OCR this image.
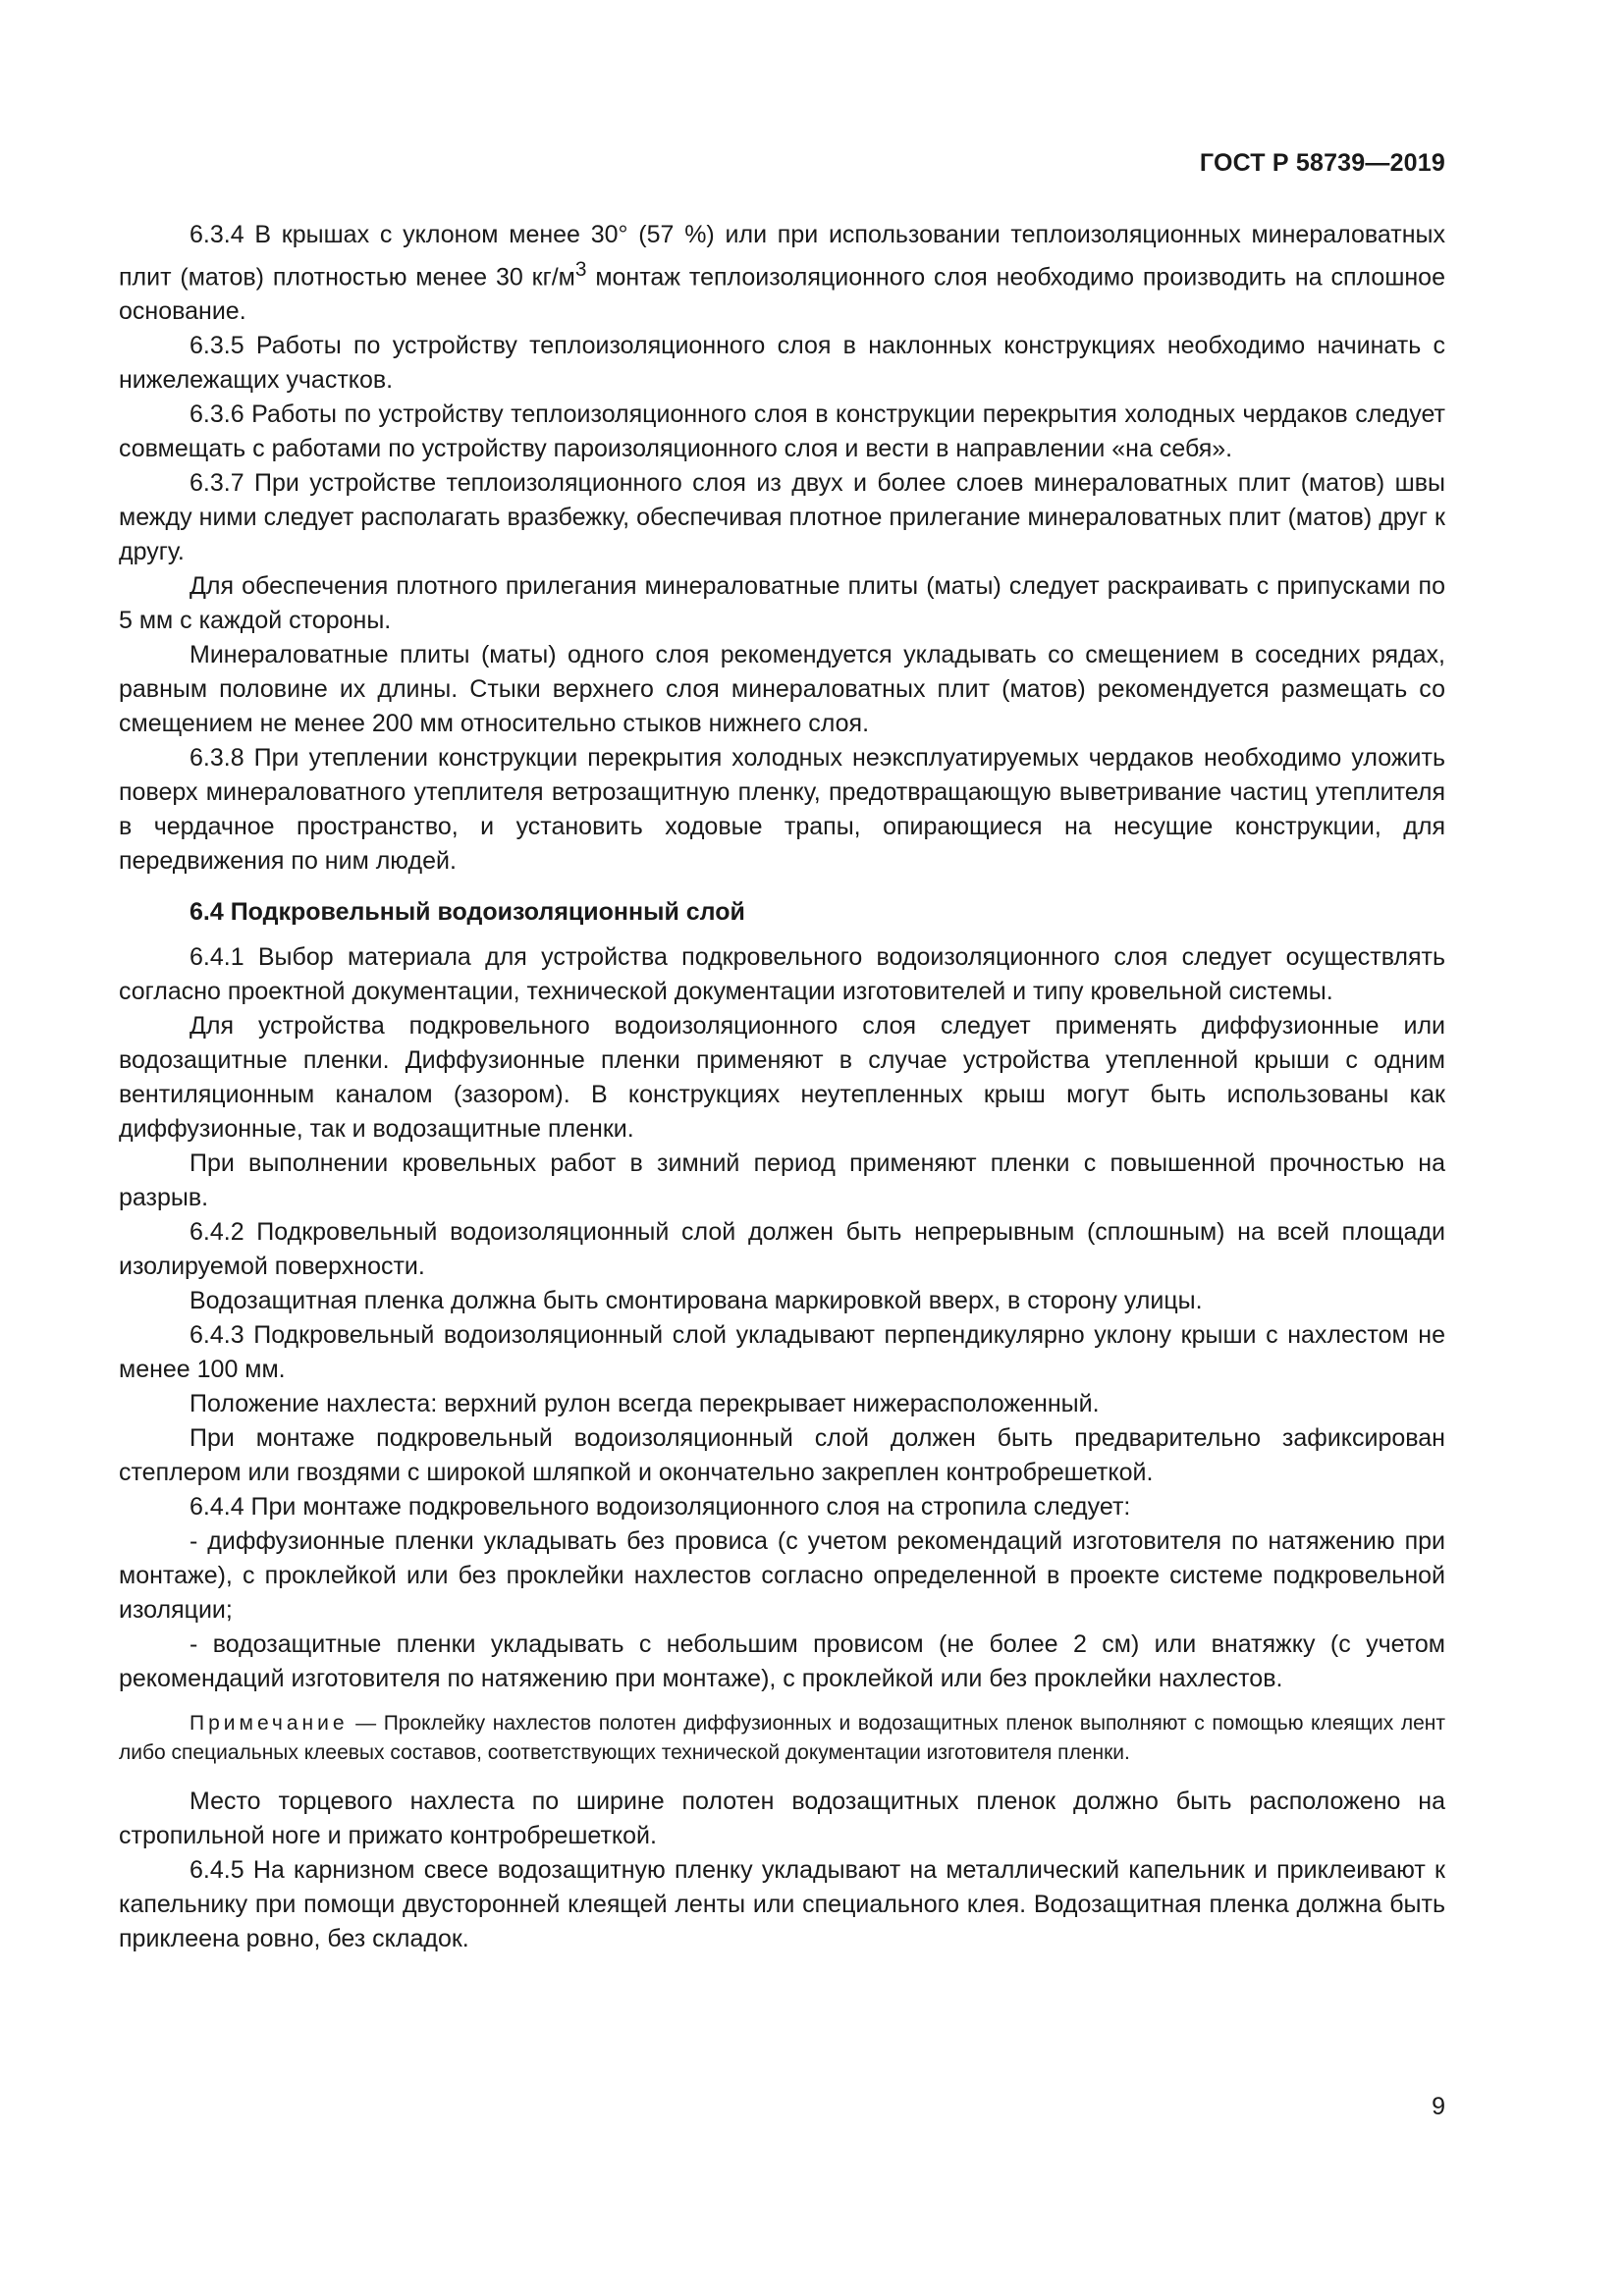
ГОСТ Р 58739—2019

6.3.4 В крышах с уклоном менее 30° (57 %) или при использовании теплоизоляционных минераловатных плит (матов) плотностью менее 30 $кг/м^3$ монтаж теплоизоляционного слоя необходимо производить на сплошное основание.

6.3.5 Работы по устройству теплоизоляционного слоя в наклонных конструкциях необходимо начинать с нижележащих участков.

6.3.6 Работы по устройству теплоизоляционного слоя в конструкции перекрытия холодных чердаков следует совмещать с работами по устройству пароизоляционного слоя и вести в направлении «на себя».

6.3.7 При устройстве теплоизоляционного слоя из двух и более слоев минераловатных плит (матов) швы между ними следует располагать вразбежку, обеспечивая плотное прилегание минераловатных плит (матов) друг к другу.

Для обеспечения плотного прилегания минераловатные плиты (маты) следует раскраивать с припусками по 5 мм с каждой стороны.

Минераловатные плиты (маты) одного слоя рекомендуется укладывать со смещением в соседних рядах, равным половине их длины. Стыки верхнего слоя минераловатных плит (матов) рекомендуется размещать со смещением не менее 200 мм относительно стыков нижнего слоя.

6.3.8 При утеплении конструкции перекрытия холодных неэксплуатируемых чердаков необходимо уложить поверх минераловатного утеплителя ветрозащитную пленку, предотвращающую выветривание частиц утеплителя в чердачное пространство, и установить ходовые трапы, опирающиеся на несущие конструкции, для передвижения по ним людей.

6.4 Подкровельный водоизоляционный слой

6.4.1 Выбор материала для устройства подкровельного водоизоляционного слоя следует осуществлять согласно проектной документации, технической документации изготовителей и типу кровельной системы.

Для устройства подкровельного водоизоляционного слоя следует применять диффузионные или водозащитные пленки. Диффузионные пленки применяют в случае устройства утепленной крыши с одним вентиляционным каналом (зазором). В конструкциях неутепленных крыш могут быть использованы как диффузионные, так и водозащитные пленки.

При выполнении кровельных работ в зимний период применяют пленки с повышенной прочностью на разрыв.

6.4.2 Подкровельный водоизоляционный слой должен быть непрерывным (сплошным) на всей площади изолируемой поверхности.

Водозащитная пленка должна быть смонтирована маркировкой вверх, в сторону улицы.

6.4.3 Подкровельный водоизоляционный слой укладывают перпендикулярно уклону крыши с нахлестом не менее 100 мм.

Положение нахлеста: верхний рулон всегда перекрывает нижерасположенный.

При монтаже подкровельный водоизоляционный слой должен быть предварительно зафиксирован степлером или гвоздями с широкой шляпкой и окончательно закреплен контробрешеткой.

6.4.4 При монтаже подкровельного водоизоляционного слоя на стропила следует:

- диффузионные пленки укладывать без провиса (с учетом рекомендаций изготовителя по натяжению при монтаже), с проклейкой или без проклейки нахлестов согласно определенной в проекте системе подкровельной изоляции;

- водозащитные пленки укладывать с небольшим провисом (не более 2 см) или внатяжку (с учетом рекомендаций изготовителя по натяжению при монтаже), с проклейкой или без проклейки нахлестов.

Примечание — Проклейку нахлестов полотен диффузионных и водозащитных пленок выполняют с помощью клеящих лент либо специальных клеевых составов, соответствующих технической документации изготовителя пленки.

Место торцевого нахлеста по ширине полотен водозащитных пленок должно быть расположено на стропильной ноге и прижато контробрешеткой.

6.4.5 На карнизном свесе водозащитную пленку укладывают на металлический капельник и приклеивают к капельнику при помощи двусторонней клеящей ленты или специального клея. Водозащитная пленка должна быть приклеена ровно, без складок.

9
